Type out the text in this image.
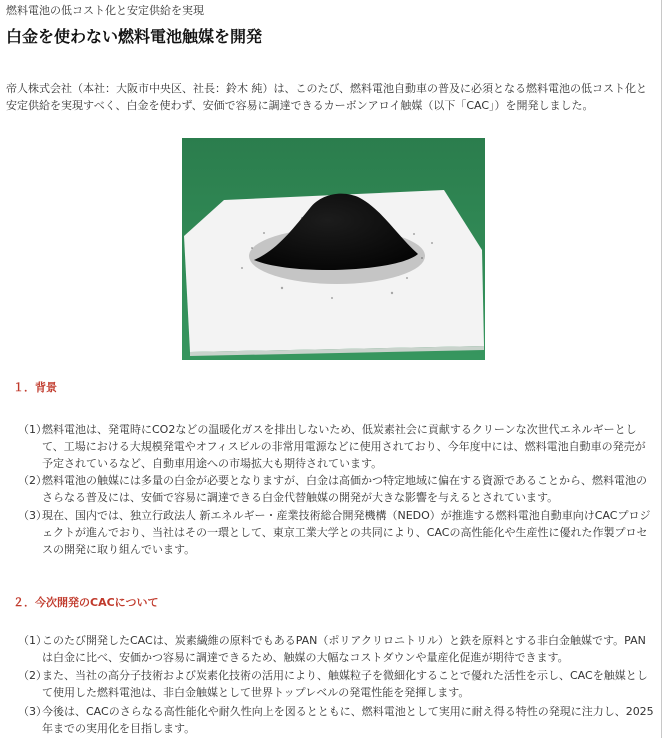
燃料電池の低コスト化と安定供給を実現
白金を使わない燃料電池触媒を開発
帝人株式会社（本社：大阪市中央区、社長：鈴木 純）は、このたび、燃料電池自動車の普及に必須となる燃料電池の低コスト化と安定供給を実現すべく、白金を使わず、安価で容易に調達できるカーボンアロイ触媒（以下「CAC」）を開発しました。
１．背景
（1）
燃料電池は、発電時にCO2などの温暖化ガスを排出しないため、低炭素社会に貢献するクリーンな次世代エネルギーとして、工場における大規模発電やオフィスビルの非常用電源などに使用されており、今年度中には、燃料電池自動車の発売が予定されているなど、自動車用途への市場拡大も期待されています。
（2）
燃料電池の触媒には多量の白金が必要となりますが、白金は高価かつ特定地域に偏在する資源であることから、燃料電池のさらなる普及には、安価で容易に調達できる白金代替触媒の開発が大きな影響を与えるとされています。
（3）
現在、国内では、独立行政法人 新エネルギー・産業技術総合開発機構（NEDO）が推進する燃料電池自動車向けCACプロジェクトが進んでおり、当社はその一環として、東京工業大学との共同により、CACの高性能化や生産性に優れた作製プロセスの開発に取り組んでいます。
２．今次開発のCACについて
（1）
このたび開発したCACは、炭素繊維の原料でもあるPAN（ポリアクリロニトリル）と鉄を原料とする非白金触媒です。PANは白金に比べ、安価かつ容易に調達できるため、触媒の大幅なコストダウンや量産化促進が期待できます。
（2）
また、当社の高分子技術および炭素化技術の活用により、触媒粒子を微細化することで優れた活性を示し、CACを触媒として使用した燃料電池は、非白金触媒として世界トップレベルの発電性能を発揮します。
（3）
今後は、CACのさらなる高性能化や耐久性向上を図るとともに、燃料電池として実用に耐え得る特性の発現に注力し、2025年までの実用化を目指します。
